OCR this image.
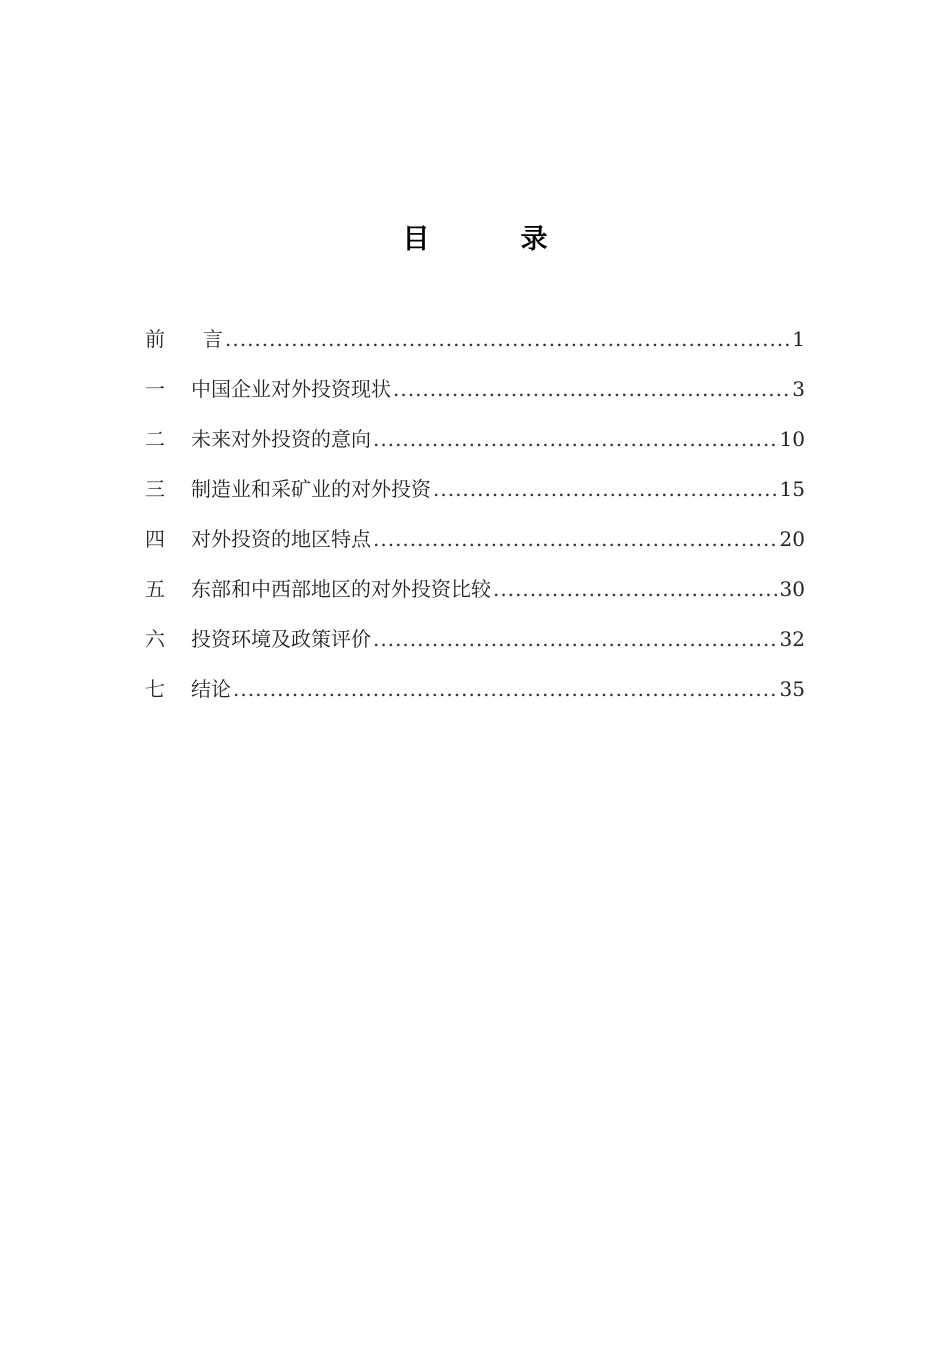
目　录
前	言 .....	1
一	中国企业对外投资现状 .....	3
二	未来对外投资的意向 .....	10
三	制造业和采矿业的对外投资 .....	15
四	对外投资的地区特点 .....	20
五	东部和中西部地区的对外投资比较 .....	30
六	投资环境及政策评价 .....	32
七	结论 .....	35
